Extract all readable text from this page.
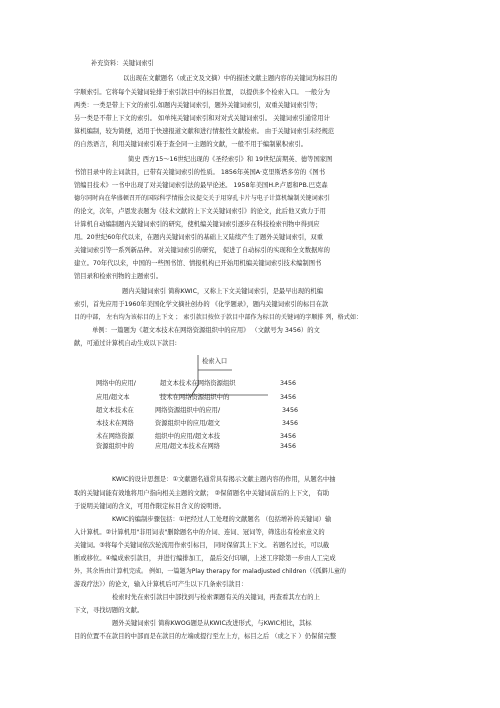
补充资料：关键词索引
以出现在文献题名（或正文及文摘）中的描述文献主题内容的关键词为标目的
字顺索引。它将每个关键词轮排于索引款目中的标目位置， 以提供多个检索入口。 一般分为
两类：一类是带上下文的索引,如题内关键词索引，题外关键词索引，双重关键词索引等；
另一类是不带上下文的索引。 如单纯关键词索引和对对式关键词索引。 关键词索引通常用计
算机编制，较为简便，适用于快速报道文献和进行情报性文献检索。 由于关键词索引未经规范
的自然语言，利用关键词索引难于查全同一主题的文献，一般不用于编制累积索引。
简史 西方15～16世纪出现的《圣经索引》和 19世纪前期英、德等国家图
书馆目录中的主词款目，已带有关键词索引的性质。 1856年英国A·克里斯塔多劳的《图书
馆编目技术》一书中出现了对关键词索引法的最早论述。 1958年美国H.P.卢恩和PB.巴克森
德尔同时向在华盛顿召开的国际科学情报会议提交关于用穿孔卡片与电子计算机编制关键词索引
的论文，次年，卢恩发表题为《技术文献的上下文关键词索引》的论文，此后他又致力于用
计算机自动编制题内关键词索引的研究，使机编关键词索引逐步在科技检索刊物中得到应
用。20世纪60年代以来，在题内关键词索引的基础上又陆续产生了题外关键词索引，双重
关键词索引等一系列新品种。 对关键词索引的研究， 促进了自动标引的实现和全文数据库的
建立。70年代以来，中国的一些图书馆、情报机构已开始用机编关键词索引技术编制图书
馆目录和检索刊物的主题索引。
题内关键词索引 简称KWIC，又称上下文关键词索引，是最早出现的机编
索引，首先应用于1960年美国化学文摘社创办的 《化学题录》，题内关键词索引的标目在款
目的中部， 左右均为该标目的上下文 ； 索引款目按位于款目中部作为标目的关键词的字顺排 列，格式如：
单例：一篇题为《超文本技术在网络资源组织中的应用》 （文献号为 3456）的文
献，可通过计算机自动生成以下款目:
检索入口
网络中的应用/	超文本技术在网络资源组织	3456
应用/超文本	技术在网络资源组织中的	3456
超文本技术在	网络资源组织中的应用/	3456
本技术在网络	资源组织中的应用/超文	3456
术在网络资源	组织中的应用/超文本技	3456
资源组织中的	应用/超文本技术在网络	3456
KWIC的设计思想是：①文献题名通常具有揭示文献主题内容的作用，从题名中抽
取的关键词能有效地将用户指向相关主题的文献； ②保留题名中关键词前后的上下文， 有助
于说明关键词的含义，可用作限定标目含义的说明语。
KWIC的编制步骤包括：①把经过人工处理的文献题名 （包括增补的关键词）输
入计算机。②计算机用"非用词表"删除题名中的介词、连词、冠词等，筛选出有检索意义的
关键词。③将每个关键词依次轮流用作索引标目， 同时保留其上下文。 若题名过长，可以截
断或移位。④编成索引款目， 并进行编排加工， 最后交付印刷，上述工序除第一步由人工完成
外，其余皆由计算机完成。 例如，一篇题为Play therapy for maladjusted children（《孤僻儿童的
游戏疗法》）的论文，输入计算机后可产生以下几条索引款目：
检索时先在索引款目中部找到与检索课题有关的关键词，再查看其左右的上
下文，寻找切题的文献。
题外关键词索引 简称KWOG题是从KWIC改进形式，与KWIC相比，其标
目的位置不在款目的中部而是在款目的左端或提行至左上方，标目之后 （或之下 ）仍保留完整
